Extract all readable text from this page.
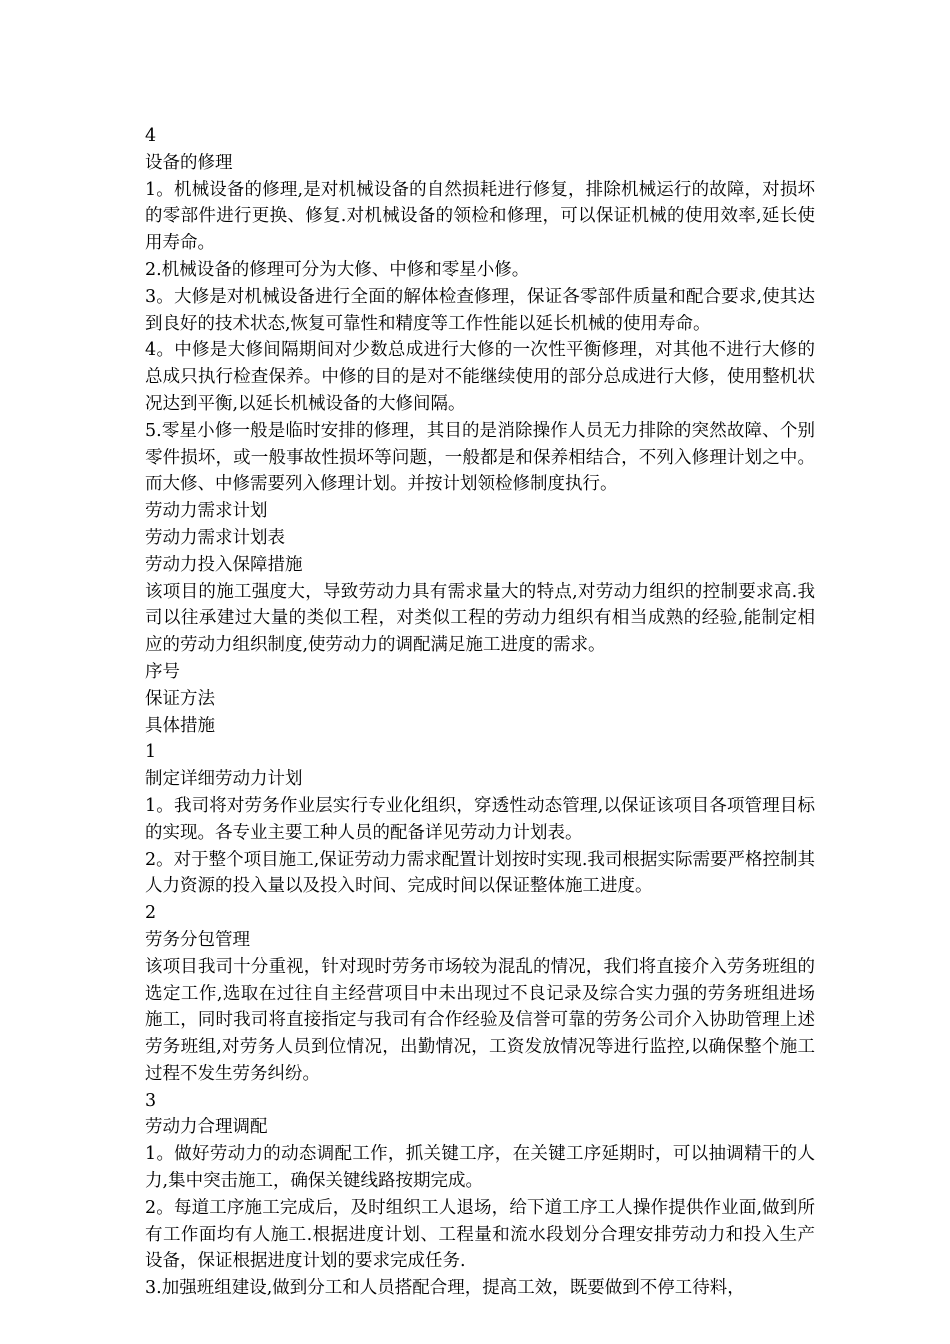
4

设备的修理

1。机械设备的修理,是对机械设备的自然损耗进行修复，排除机械运行的故障，对损坏的零部件进行更换、修复.对机械设备的领检和修理，可以保证机械的使用效率,延长使用寿命。

2.机械设备的修理可分为大修、中修和零星小修。

3。大修是对机械设备进行全面的解体检查修理，保证各零部件质量和配合要求,使其达到良好的技术状态,恢复可靠性和精度等工作性能以延长机械的使用寿命。

4。中修是大修间隔期间对少数总成进行大修的一次性平衡修理，对其他不进行大修的总成只执行检查保养。中修的目的是对不能继续使用的部分总成进行大修，使用整机状况达到平衡,以延长机械设备的大修间隔。

5.零星小修一般是临时安排的修理，其目的是消除操作人员无力排除的突然故障、个别零件损坏，或一般事故性损坏等问题，一般都是和保养相结合，不列入修理计划之中。而大修、中修需要列入修理计划。并按计划领检修制度执行。

劳动力需求计划

劳动力需求计划表

劳动力投入保障措施

该项目的施工强度大，导致劳动力具有需求量大的特点,对劳动力组织的控制要求高.我司以往承建过大量的类似工程，对类似工程的劳动力组织有相当成熟的经验,能制定相应的劳动力组织制度,使劳动力的调配满足施工进度的需求。

序号

保证方法

具体措施

1

制定详细劳动力计划

1。我司将对劳务作业层实行专业化组织，穿透性动态管理,以保证该项目各项管理目标的实现。各专业主要工种人员的配备详见劳动力计划表。

2。对于整个项目施工,保证劳动力需求配置计划按时实现.我司根据实际需要严格控制其人力资源的投入量以及投入时间、完成时间以保证整体施工进度。

2

劳务分包管理

该项目我司十分重视，针对现时劳务市场较为混乱的情况，我们将直接介入劳务班组的选定工作,选取在过往自主经营项目中未出现过不良记录及综合实力强的劳务班组进场施工，同时我司将直接指定与我司有合作经验及信誉可靠的劳务公司介入协助管理上述劳务班组,对劳务人员到位情况，出勤情况，工资发放情况等进行监控,以确保整个施工过程不发生劳务纠纷。

3

劳动力合理调配

1。做好劳动力的动态调配工作，抓关键工序，在关键工序延期时，可以抽调精干的人力,集中突击施工，确保关键线路按期完成。

2。每道工序施工完成后，及时组织工人退场，给下道工序工人操作提供作业面,做到所有工作面均有人施工.根据进度计划、工程量和流水段划分合理安排劳动力和投入生产设备，保证根据进度计划的要求完成任务.

3.加强班组建设,做到分工和人员搭配合理，提高工效，既要做到不停工待料，
